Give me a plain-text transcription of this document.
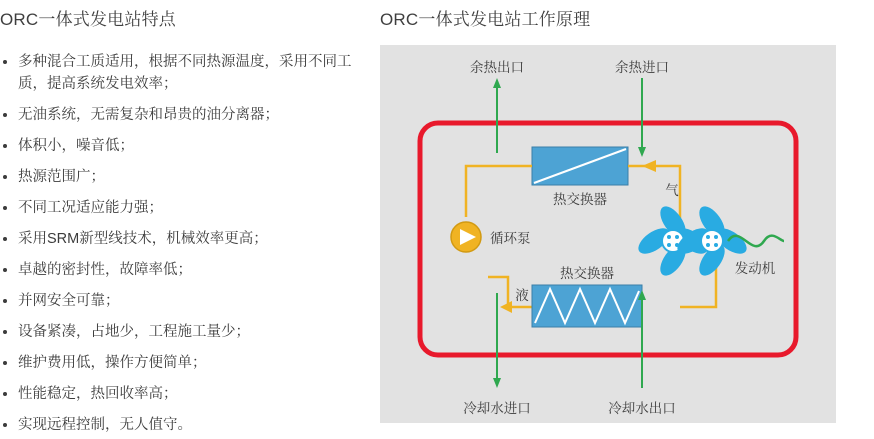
ORC一体式发电站特点
多种混合工质适用，根据不同热源温度，采用不同工质，提高系统发电效率；
无油系统，无需复杂和昂贵的油分离器；
体积小，噪音低；
热源范围广；
不同工况适应能力强；
采用SRM新型线技术，机械效率更高；
卓越的密封性，故障率低；
并网安全可靠；
设备紧凑，占地少，工程施工量少；
维护费用低，操作方便简单；
性能稳定，热回收率高；
实现远程控制，无人值守。
ORC一体式发电站工作原理
余热出口	余热进口
热交换器
气
循环泵
发动机
热交换器
液
冷却水进口	冷却水出口
